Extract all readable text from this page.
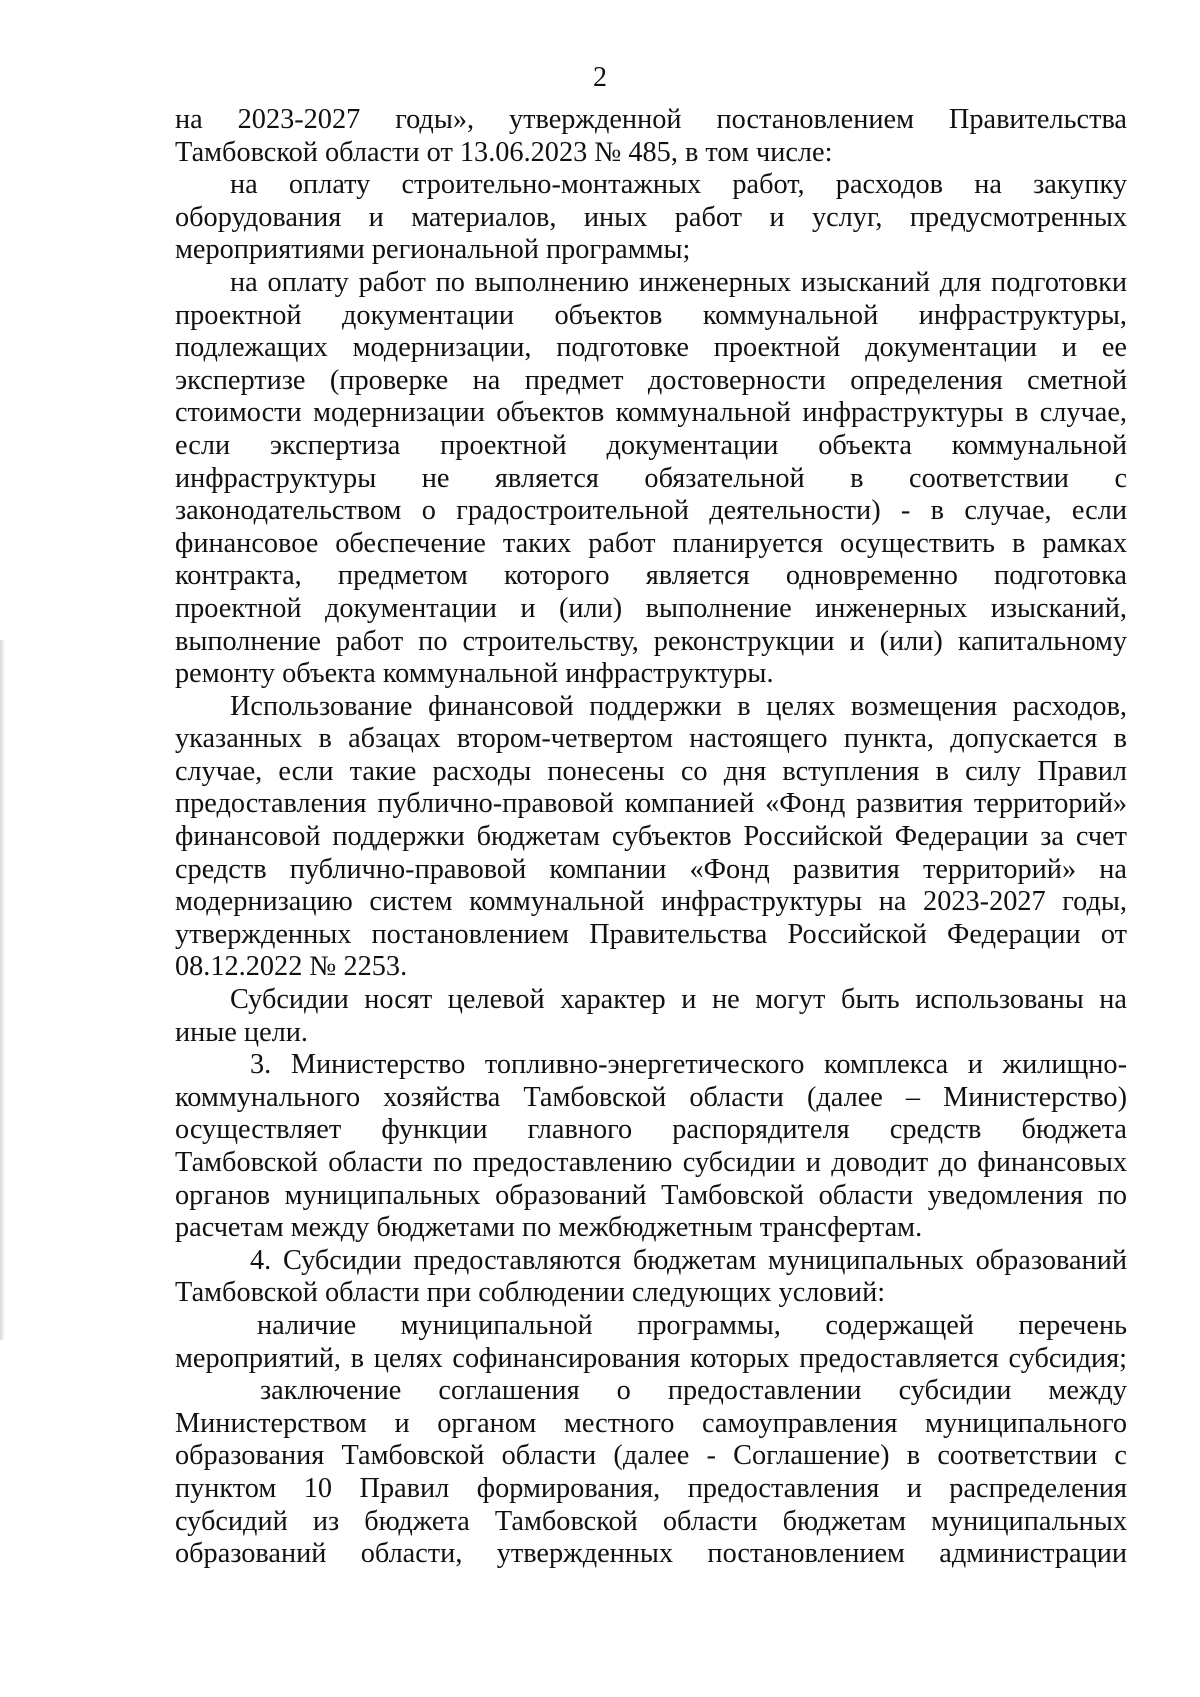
2
на 2023-2027 годы», утвержденной постановлением Правительства
Тамбовской области от 13.06.2023 № 485, в том числе:
на оплату строительно-монтажных работ, расходов на закупку
оборудования и материалов, иных работ и услуг, предусмотренных
мероприятиями региональной программы;
на оплату работ по выполнению инженерных изысканий для подготовки
проектной документации объектов коммунальной инфраструктуры,
подлежащих модернизации, подготовке проектной документации и ее
экспертизе (проверке на предмет достоверности определения сметной
стоимости модернизации объектов коммунальной инфраструктуры в случае,
если экспертиза проектной документации объекта коммунальной
инфраструктуры не является обязательной в соответствии с
законодательством о градостроительной деятельности) - в случае, если
финансовое обеспечение таких работ планируется осуществить в рамках
контракта, предметом которого является одновременно подготовка
проектной документации и (или) выполнение инженерных изысканий,
выполнение работ по строительству, реконструкции и (или) капитальному
ремонту объекта коммунальной инфраструктуры.
Использование финансовой поддержки в целях возмещения расходов,
указанных в абзацах втором-четвертом настоящего пункта, допускается в
случае, если такие расходы понесены со дня вступления в силу Правил
предоставления публично-правовой компанией «Фонд развития территорий»
финансовой поддержки бюджетам субъектов Российской Федерации за счет
средств публично-правовой компании «Фонд развития территорий» на
модернизацию систем коммунальной инфраструктуры на 2023-2027 годы,
утвержденных постановлением Правительства Российской Федерации от
08.12.2022 № 2253.
Субсидии носят целевой характер и не могут быть использованы на
иные цели.
3. Министерство топливно-энергетического комплекса и жилищно-
коммунального хозяйства Тамбовской области (далее – Министерство)
осуществляет функции главного распорядителя средств бюджета
Тамбовской области по предоставлению субсидии и доводит до финансовых
органов муниципальных образований Тамбовской области уведомления по
расчетам между бюджетами по межбюджетным трансфертам.
4. Субсидии предоставляются бюджетам муниципальных образований
Тамбовской области при соблюдении следующих условий:
наличие муниципальной программы, содержащей перечень
мероприятий, в целях софинансирования которых предоставляется субсидия;
заключение соглашения о предоставлении субсидии между
Министерством и органом местного самоуправления муниципального
образования Тамбовской области (далее - Соглашение) в соответствии с
пунктом 10 Правил формирования, предоставления и распределения
субсидий из бюджета Тамбовской области бюджетам муниципальных
образований области, утвержденных постановлением администрации
